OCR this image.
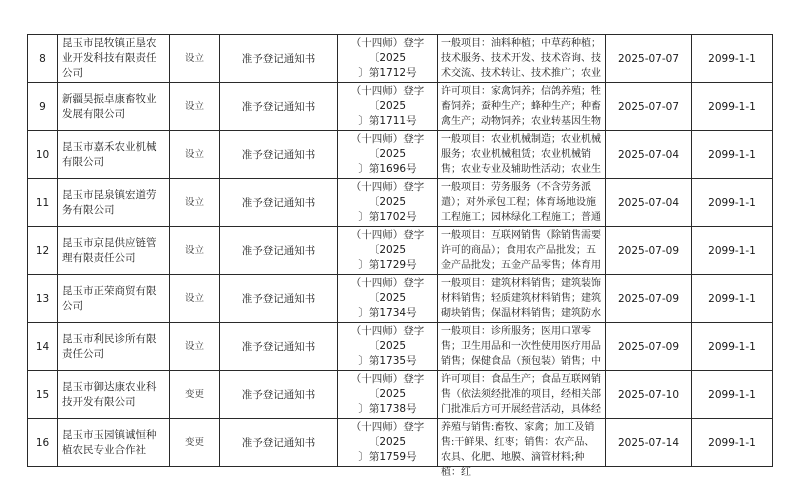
8	昆玉市昆牧镇正垦农业开发科技有限责任公司	设立	准予登记通知书	（十四师）登字〔2025
〕第1712号	一般项目：油料种植；中草药种植；技术服务、技术开发、技术咨询、技术交流、技术转让、技术推广；农业	2025-07-07	2099-1-1
9	新疆昊振卓康畜牧业发展有限公司	设立	准予登记通知书	（十四师）登字〔2025
〕第1711号	许可项目：家禽饲养；信鸽养殖；牲畜饲养；蚕种生产；蜂种生产；种畜禽生产；动物饲养；农业转基因生物	2025-07-07	2099-1-1
10	昆玉市嘉禾农业机械有限公司	设立	准予登记通知书	（十四师）登字〔2025
〕第1696号	一般项目：农业机械制造；农业机械服务；农业机械租赁；农业机械销售；农业专业及辅助性活动；农业生	2025-07-04	2099-1-1
11	昆玉市昆泉镇宏道劳务有限公司	设立	准予登记通知书	（十四师）登字〔2025
〕第1702号	一般项目：劳务服务（不含劳务派遣）；对外承包工程；体育场地设施工程施工；园林绿化工程施工；普通	2025-07-04	2099-1-1
12	昆玉市京昆供应链管理有限责任公司	设立	准予登记通知书	（十四师）登字〔2025
〕第1729号	一般项目：互联网销售（除销售需要许可的商品）；食用农产品批发；五金产品批发；五金产品零售；体育用	2025-07-09	2099-1-1
13	昆玉市正荣商贸有限公司	设立	准予登记通知书	（十四师）登字〔2025
〕第1734号	一般项目：建筑材料销售；建筑装饰材料销售；轻质建筑材料销售；建筑砌块销售；保温材料销售；建筑防水	2025-07-09	2099-1-1
14	昆玉市利民诊所有限责任公司	设立	准予登记通知书	（十四师）登字〔2025
〕第1735号	一般项目：诊所服务；医用口罩零售；卫生用品和一次性使用医疗用品销售；保健食品（预包装）销售；中	2025-07-09	2099-1-1
15	昆玉市御达康农业科技开发有限公司	变更	准予登记通知书	（十四师）登字〔2025
〕第1738号	许可项目：食品生产；食品互联网销售（依法须经批准的项目，经相关部门批准后方可开展经营活动，具体经	2025-07-10	2099-1-1
16	昆玉市玉园镇诚恒种植农民专业合作社	变更	准予登记通知书	（十四师）登字〔2025
〕第1759号	养殖与销售:畜牧、家禽；加工及销售:干鲜果、红枣；销售：农产品、农具、化肥、地膜、滴管材料;种植：红	2025-07-14	2099-1-1
